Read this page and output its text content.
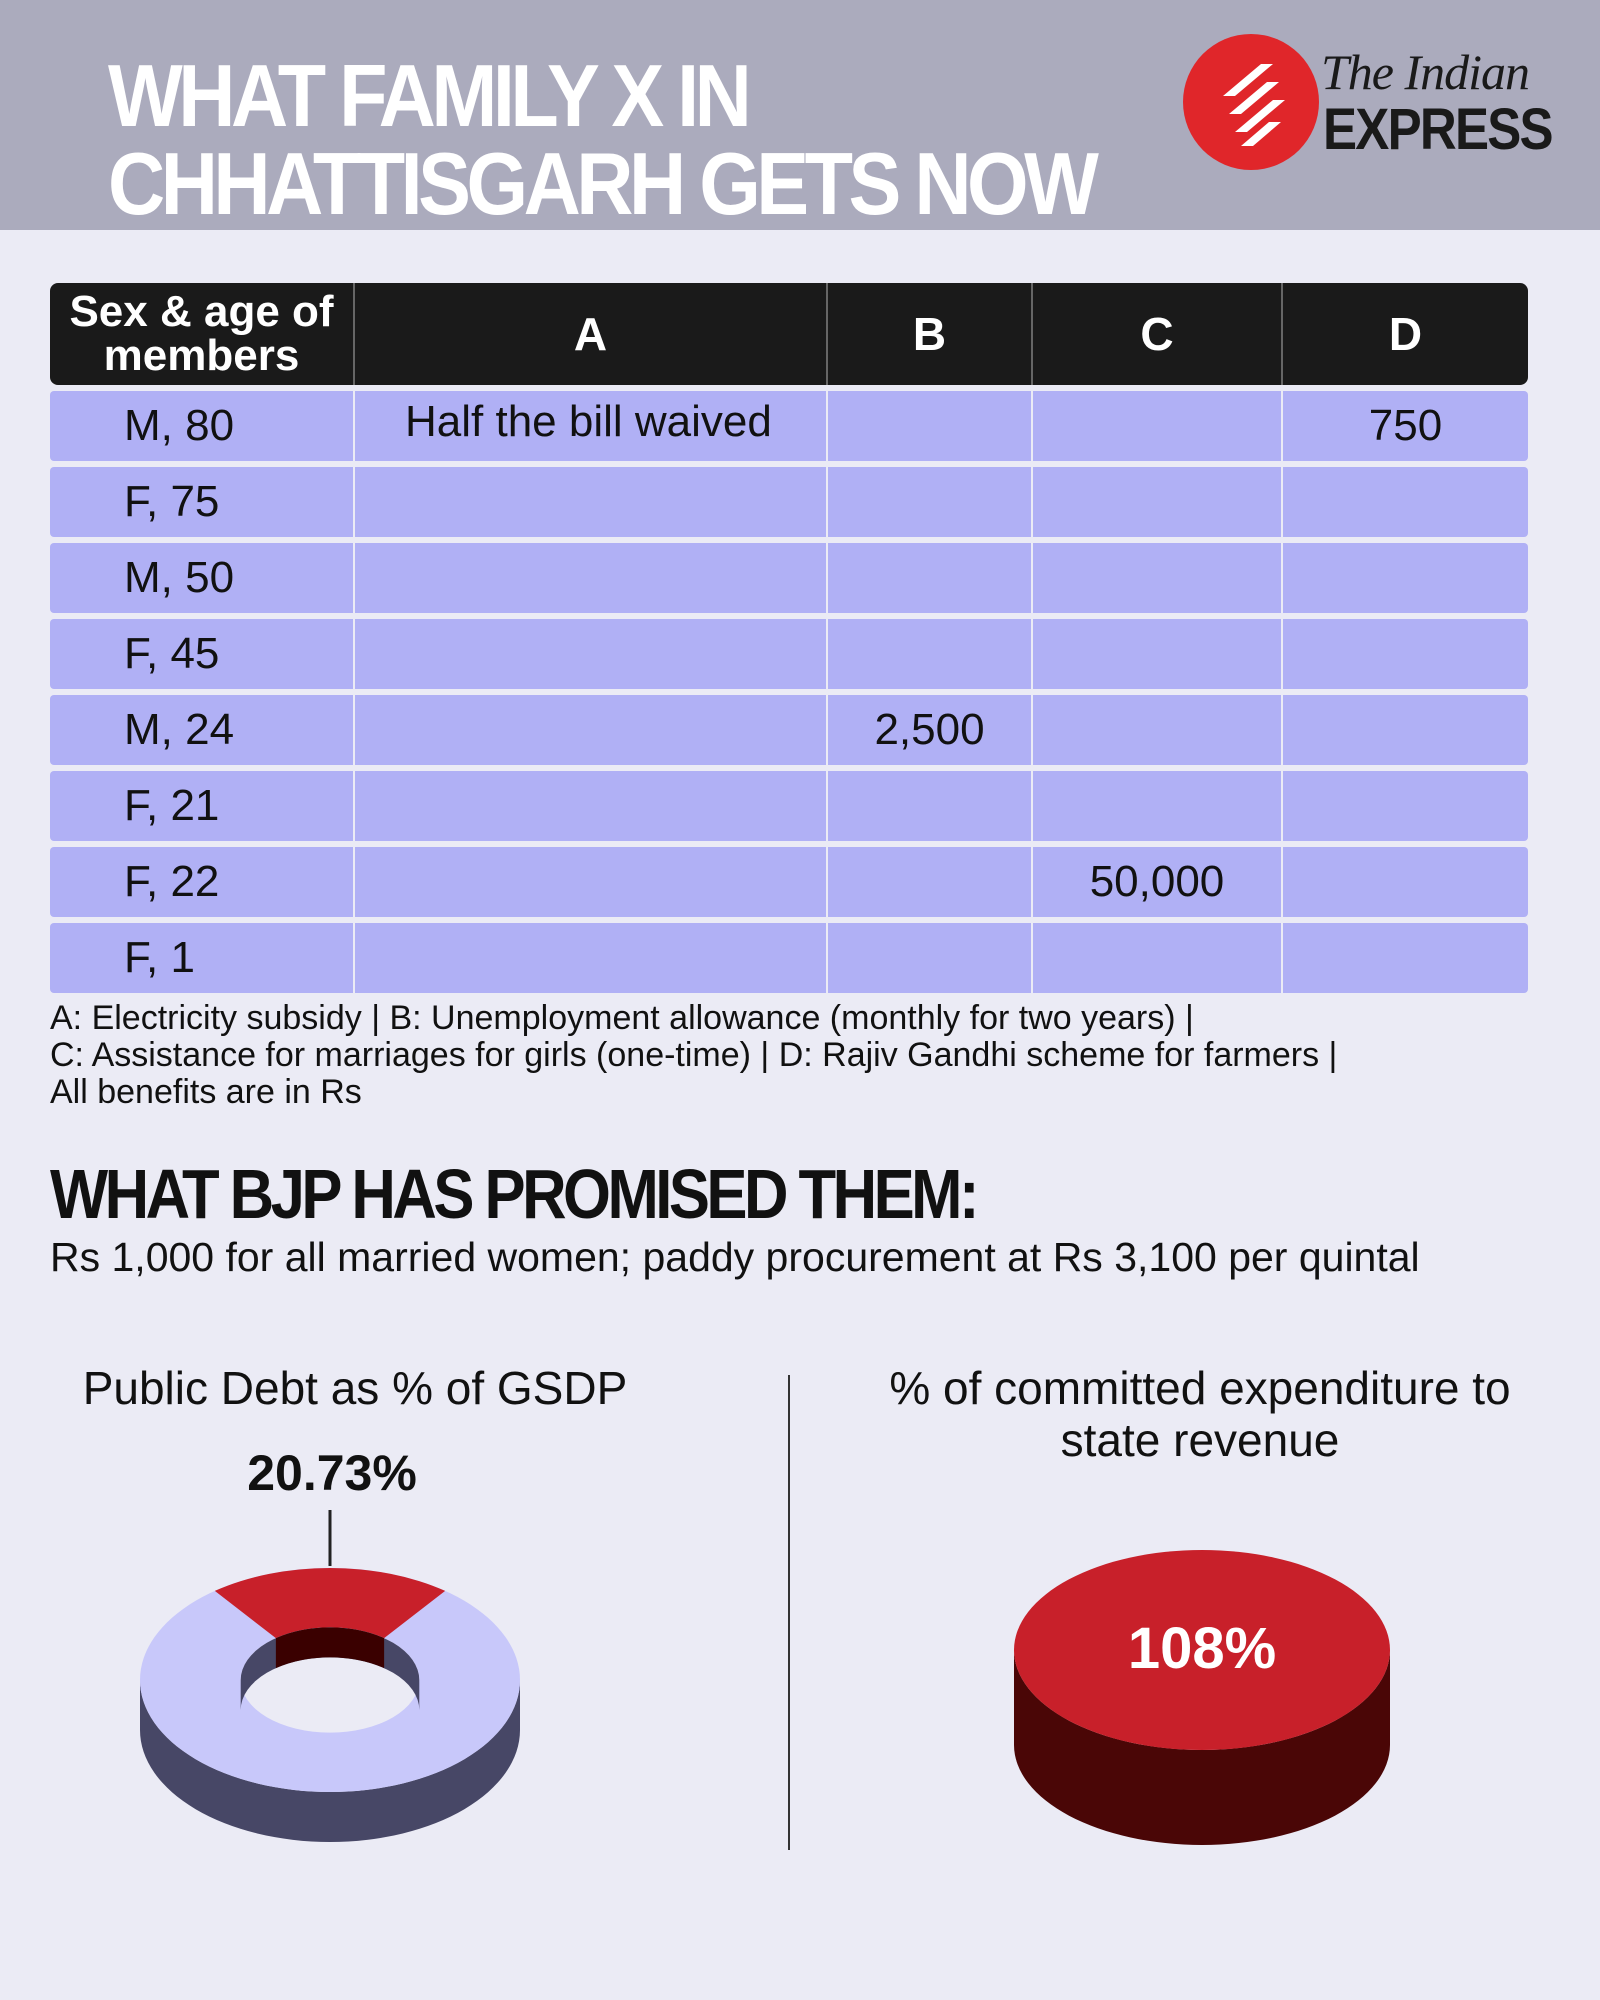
WHAT FAMILY X IN
CHHATTISGARH GETS NOW
The Indian
EXPRESS
Sex & age of members	A	B	C	D
M, 80	Half the bill waived			750
F, 75				
M, 50				
F, 45				
M, 24		2,500		
F, 21				
F, 22			50,000	
F, 1				
A: Electricity subsidy | B: Unemployment allowance (monthly for two years) |
C: Assistance for marriages for girls (one-time) | D: Rajiv Gandhi scheme for farmers |
All benefits are in Rs
WHAT BJP HAS PROMISED THEM:
Rs 1,000 for all married women; paddy procurement at Rs 3,100 per quintal
Public Debt as % of GSDP	% of committed expenditure to state revenue
20.73%
108%
